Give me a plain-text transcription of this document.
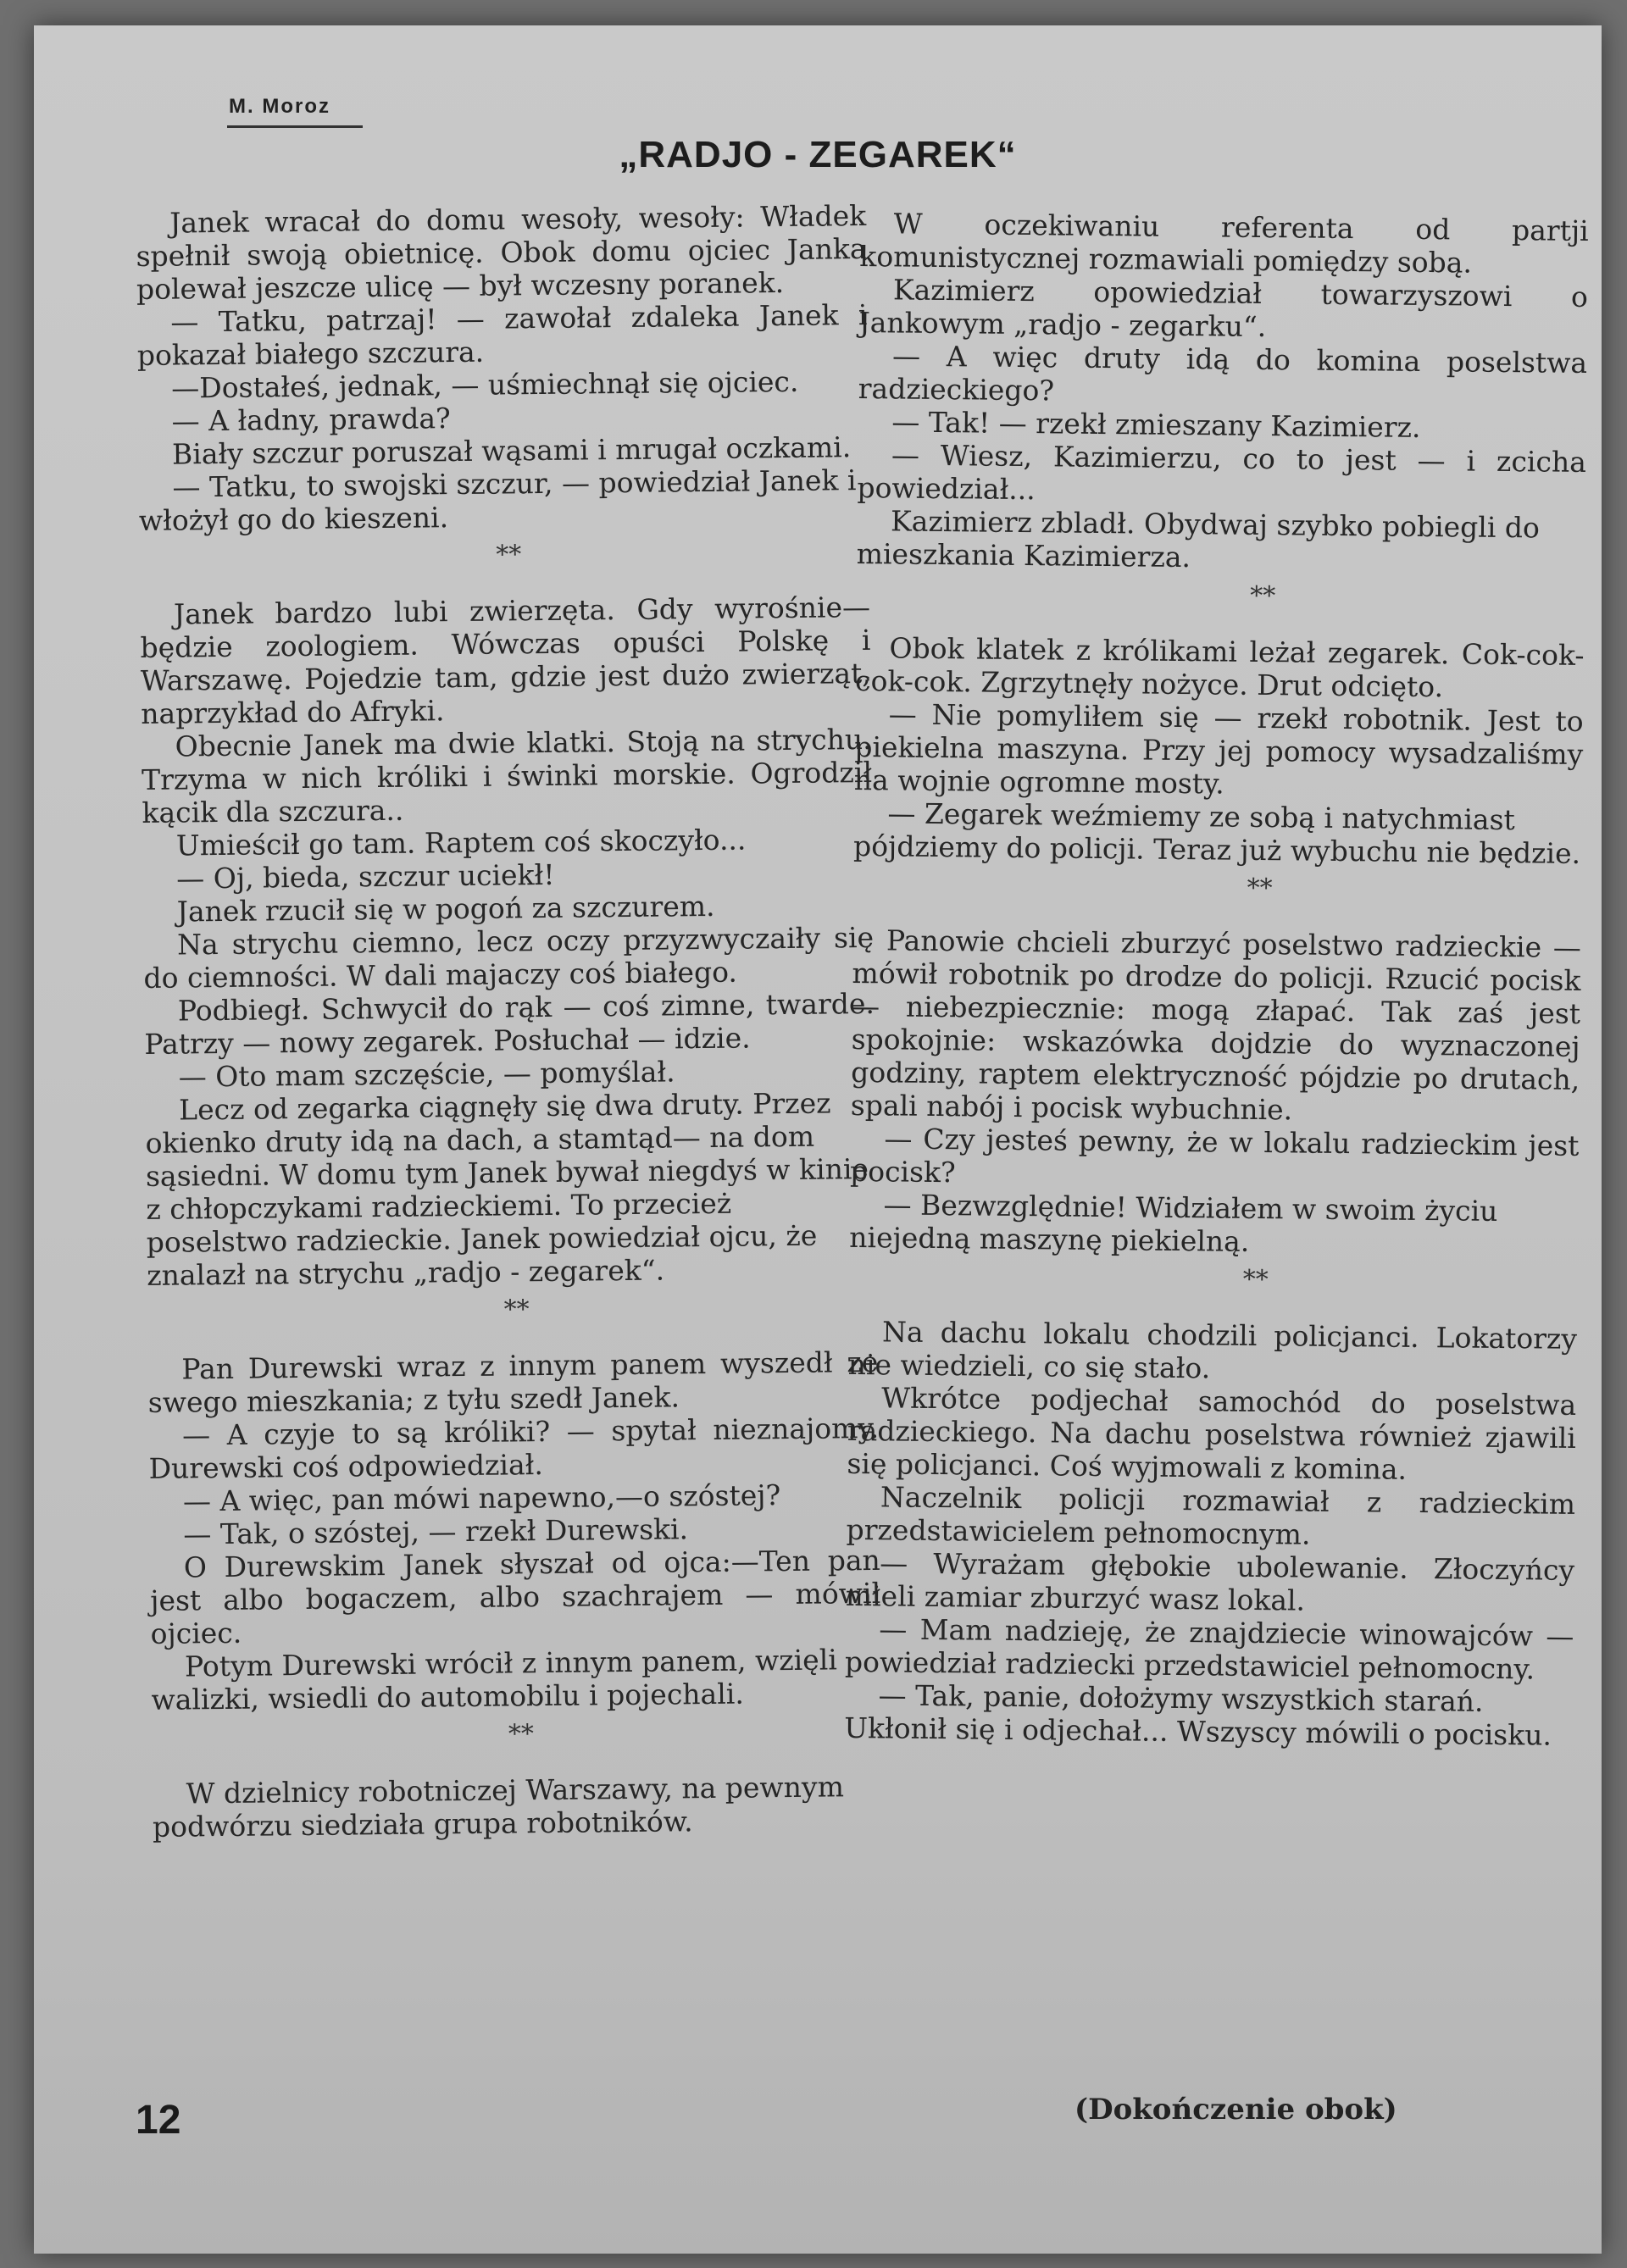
M. Moroz
„RADJO - ZEGAREK“

Janek wracał do domu wesoły, wesoły: Władek spełnił swoją obietnicę. Obok domu ojciec Janka polewał jeszcze ulicę — był wczesny poranek.

— Tatku, patrzaj! — zawołał zdaleka Janek i pokazał białego szczura.

—Dostałeś, jednak, — uśmiechnął się ojciec.

— A ładny, prawda?

Biały szczur poruszał wąsami i mrugał oczkami.

— Tatku, to swojski szczur, — powiedział Janek i włożył go do kieszeni.

**

Janek bardzo lubi zwierzęta. Gdy wyrośnie— będzie zoologiem. Wówczas opuści Polskę i Warszawę. Pojedzie tam, gdzie jest dużo zwierząt, naprzykład do Afryki.

Obecnie Janek ma dwie klatki. Stoją na strychu. Trzyma w nich króliki i świnki morskie. Ogrodził kącik dla szczura..

Umieścił go tam. Raptem coś skoczyło...

— Oj, bieda, szczur uciekł!

Janek rzucił się w pogoń za szczurem.

Na strychu ciemno, lecz oczy przyzwyczaiły się do ciemności. W dali majaczy coś białego.

Podbiegł. Schwycił do rąk — coś zimne, twarde. Patrzy — nowy zegarek. Posłuchał — idzie.

— Oto mam szczęście, — pomyślał.

Lecz od zegarka ciągnęły się dwa druty. Przez okienko druty idą na dach, a stamtąd— na dom sąsiedni. W domu tym Janek bywał niegdyś w kinie z chłopczykami radzieckiemi. To przecież poselstwo radzieckie. Janek powiedział ojcu, że znalazł na strychu „radjo - zegarek“.

**

Pan Durewski wraz z innym panem wyszedł ze swego mieszkania; z tyłu szedł Janek.

— A czyje to są króliki? — spytał nieznajomy. Durewski coś odpowiedział.

— A więc, pan mówi napewno,—o szóstej?

— Tak, o szóstej, — rzekł Durewski.

O Durewskim Janek słyszał od ojca:—Ten pan jest albo bogaczem, albo szachrajem — mówił ojciec.

Potym Durewski wrócił z innym panem, wzięli walizki, wsiedli do automobilu i pojechali.

**

W dzielnicy robotniczej Warszawy, na pewnym podwórzu siedziała grupa robotników.

W oczekiwaniu referenta od partji komunistycznej rozmawiali pomiędzy sobą.

Kazimierz opowiedział towarzyszowi o Jankowym „radjo - zegarku“.

— A więc druty idą do komina poselstwa radzieckiego?

— Tak! — rzekł zmieszany Kazimierz.

— Wiesz, Kazimierzu, co to jest — i zcicha powiedział...

Kazimierz zbladł. Obydwaj szybko pobiegli do mieszkania Kazimierza.

**

Obok klatek z królikami leżał zegarek. Cok-cok-cok-cok. Zgrzytnęły nożyce. Drut odcięto.

— Nie pomyliłem się — rzekł robotnik. Jest to piekielna maszyna. Przy jej pomocy wysadzaliśmy na wojnie ogromne mosty.

— Zegarek weźmiemy ze sobą i natychmiast pójdziemy do policji. Teraz już wybuchu nie będzie.

**

Panowie chcieli zburzyć poselstwo radzieckie — mówił robotnik po drodze do policji. Rzucić pocisk — niebezpiecznie: mogą złapać. Tak zaś jest spokojnie: wskazówka dojdzie do wyznaczonej godziny, raptem elektryczność pójdzie po drutach, spali nabój i pocisk wybuchnie.

— Czy jesteś pewny, że w lokalu radzieckim jest pocisk?

— Bezwzględnie! Widziałem w swoim życiu niejedną maszynę piekielną.

**

Na dachu lokalu chodzili policjanci. Lokatorzy nie wiedzieli, co się stało.

Wkrótce podjechał samochód do poselstwa radzieckiego. Na dachu poselstwa również zjawili się policjanci. Coś wyjmowali z komina.

Naczelnik policji rozmawiał z radzieckim przedstawicielem pełnomocnym.

— Wyrażam głębokie ubolewanie. Złoczyńcy mieli zamiar zburzyć wasz lokal.

— Mam nadzieję, że znajdziecie winowajców — powiedział radziecki przedstawiciel pełnomocny.

— Tak, panie, dołożymy wszystkich starań. Ukłonił się i odjechał... Wszyscy mówili o pocisku.

12	(Dokończenie obok)
